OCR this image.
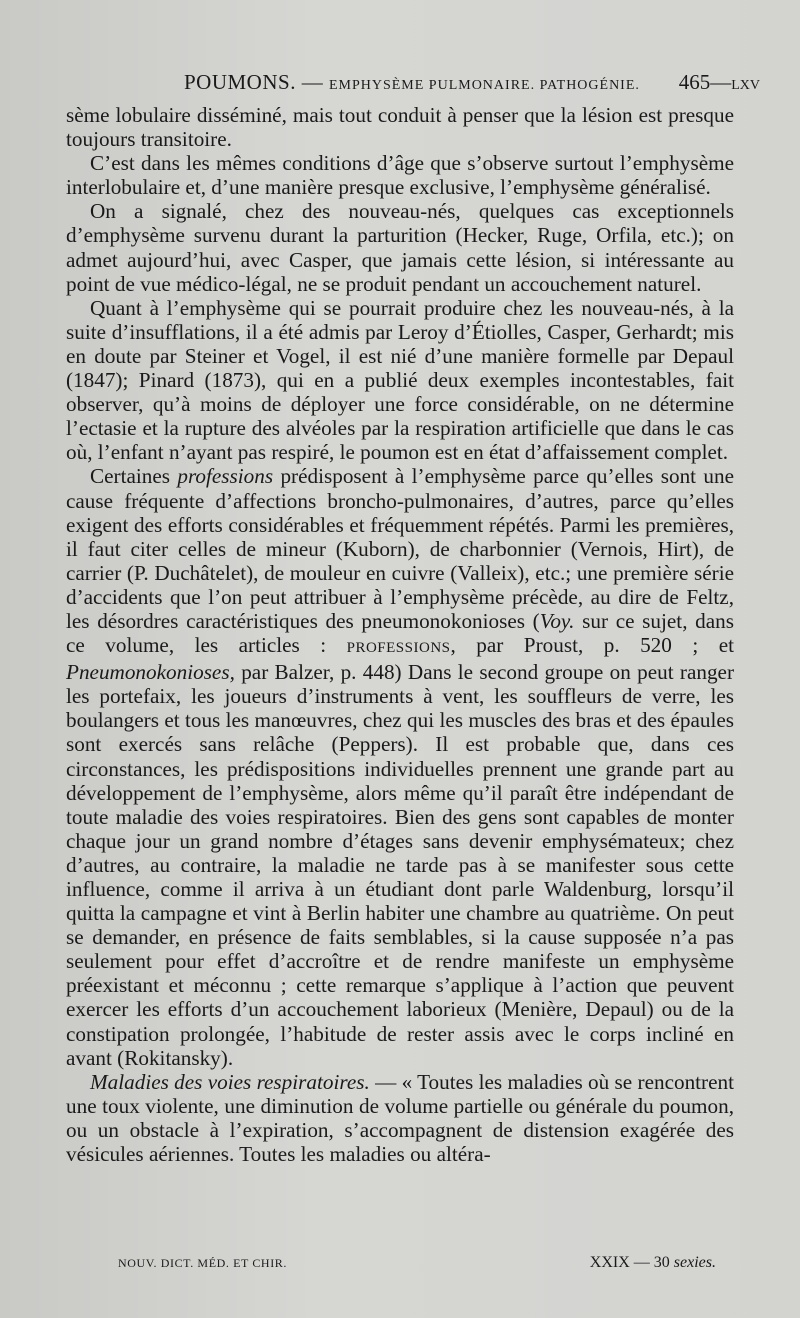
POUMONS. — EMPHYSÈME PULMONAIRE. PATHOGÉNIE. 465—LXV

sème lobulaire disséminé, mais tout conduit à penser que la lésion est presque toujours transitoire.

C’est dans les mêmes conditions d’âge que s’observe surtout l’emphysème interlobulaire et, d’une manière presque exclusive, l’emphysème généralisé.

On a signalé, chez des nouveau-nés, quelques cas exceptionnels d’emphysème survenu durant la parturition (Hecker, Ruge, Orfila, etc.); on admet aujourd’hui, avec Casper, que jamais cette lésion, si intéressante au point de vue médico-légal, ne se produit pendant un accouchement naturel.

Quant à l’emphysème qui se pourrait produire chez les nouveau-nés, à la suite d’insufflations, il a été admis par Leroy d’Étiolles, Casper, Gerhardt; mis en doute par Steiner et Vogel, il est nié d’une manière formelle par Depaul (1847); Pinard (1873), qui en a publié deux exemples incontestables, fait observer, qu’à moins de déployer une force considérable, on ne détermine l’ectasie et la rupture des alvéoles par la respiration artificielle que dans le cas où, l’enfant n’ayant pas respiré, le poumon est en état d’affaissement complet.

Certaines professions prédisposent à l’emphysème parce qu’elles sont une cause fréquente d’affections broncho-pulmonaires, d’autres, parce qu’elles exigent des efforts considérables et fréquemment répétés. Parmi les premières, il faut citer celles de mineur (Kuborn), de charbonnier (Vernois, Hirt), de carrier (P. Duchâtelet), de mouleur en cuivre (Valleix), etc.; une première série d’accidents que l’on peut attribuer à l’emphysème précède, au dire de Feltz, les désordres caractéristiques des pneumonokonioses (Voy. sur ce sujet, dans ce volume, les articles : PROFESSIONS, par Proust, p. 520 ; et Pneumonokonioses, par Balzer, p. 448) Dans le second groupe on peut ranger les portefaix, les joueurs d’instruments à vent, les souffleurs de verre, les boulangers et tous les manœuvres, chez qui les muscles des bras et des épaules sont exercés sans relâche (Peppers). Il est probable que, dans ces circonstances, les prédispositions individuelles prennent une grande part au développement de l’emphysème, alors même qu’il paraît être indépendant de toute maladie des voies respiratoires. Bien des gens sont capables de monter chaque jour un grand nombre d’étages sans devenir emphysémateux; chez d’autres, au contraire, la maladie ne tarde pas à se manifester sous cette influence, comme il arriva à un étudiant dont parle Waldenburg, lorsqu’il quitta la campagne et vint à Berlin habiter une chambre au quatrième. On peut se demander, en présence de faits semblables, si la cause supposée n’a pas seulement pour effet d’accroître et de rendre manifeste un emphysème préexistant et méconnu ; cette remarque s’applique à l’action que peuvent exercer les efforts d’un accouchement laborieux (Menière, Depaul) ou de la constipation prolongée, l’habitude de rester assis avec le corps incliné en avant (Rokitansky).

Maladies des voies respiratoires. — « Toutes les maladies où se rencontrent une toux violente, une diminution de volume partielle ou générale du poumon, ou un obstacle à l’expiration, s’accompagnent de distension exagérée des vésicules aériennes. Toutes les maladies ou altéra-

NOUV. DICT. MÉD. ET CHIR.	XXIX — 30 sexies.
